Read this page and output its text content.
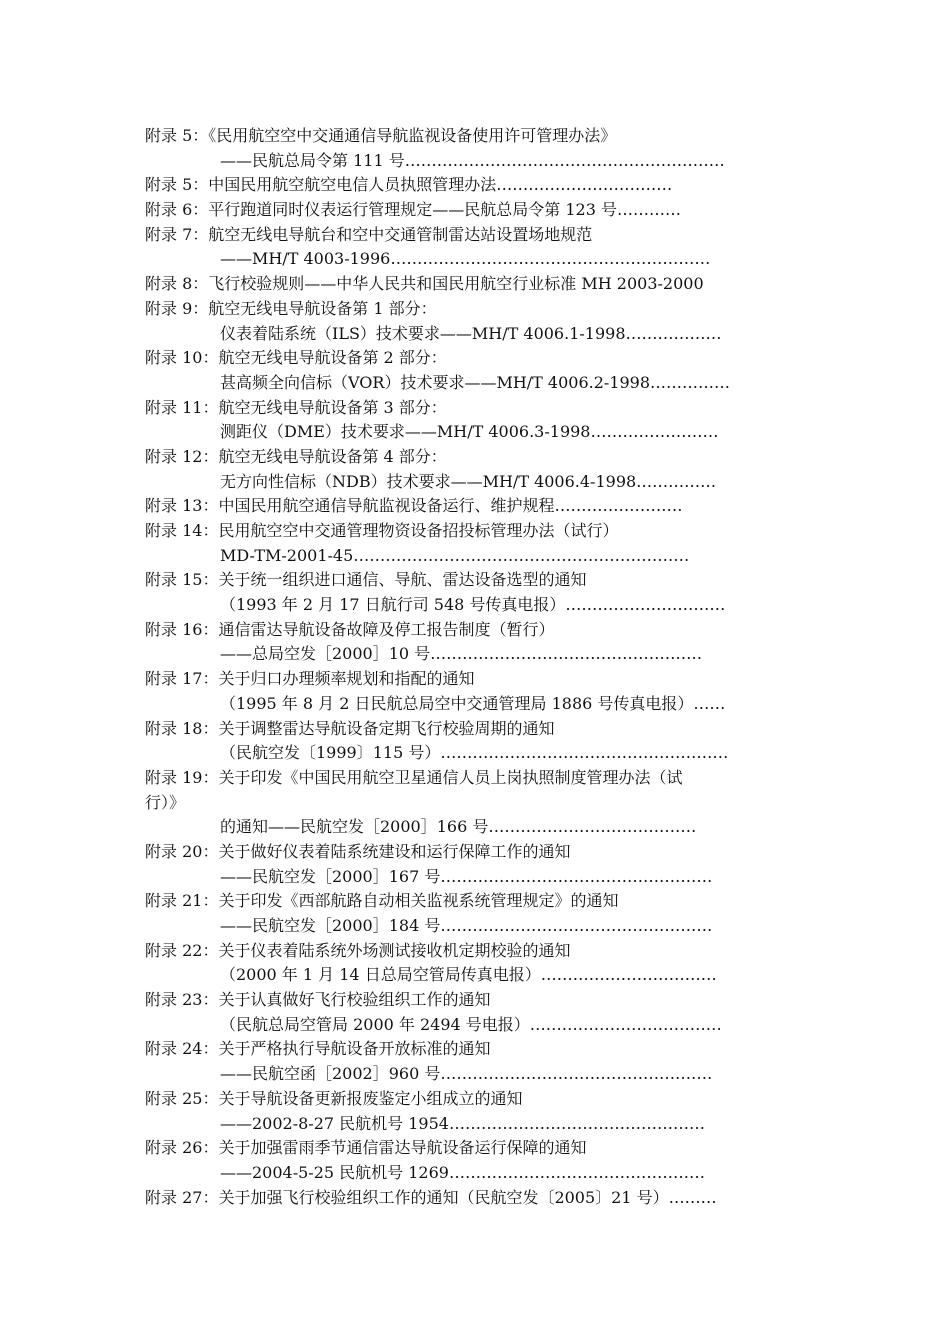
附录 5：《民用航空空中交通通信导航监视设备使用许可管理办法》
——民航总局令第 111 号……………………………………………………
附录 5：中国民用航空航空电信人员执照管理办法……………………………
附录 6：平行跑道同时仪表运行管理规定——民航总局令第 123 号…………
附录 7：航空无线电导航台和空中交通管制雷达站设置场地规范
——MH/T 4003-1996……………………………………………………
附录 8：飞行校验规则——中华人民共和国民用航空行业标准 MH 2003-2000
附录 9：航空无线电导航设备第 1 部分：
仪表着陆系统（ILS）技术要求——MH/T 4006.1-1998………………
附录 10：航空无线电导航设备第 2 部分：
甚高频全向信标（VOR）技术要求——MH/T 4006.2-1998……………
附录 11：航空无线电导航设备第 3 部分：
测距仪（DME）技术要求——MH/T 4006.3-1998……………………
附录 12：航空无线电导航设备第 4 部分：
无方向性信标（NDB）技术要求——MH/T 4006.4-1998……………
附录 13：中国民用航空通信导航监视设备运行、维护规程……………………
附录 14：民用航空空中交通管理物资设备招投标管理办法（试行）
MD-TM-2001-45………………………………………………………
附录 15：关于统一组织进口通信、导航、雷达设备选型的通知
（1993 年 2 月 17 日航行司 548 号传真电报）…………………………
附录 16：通信雷达导航设备故障及停工报告制度（暂行）
——总局空发［2000］10 号……………………………………………
附录 17：关于归口办理频率规划和指配的通知
（1995 年 8 月 2 日民航总局空中交通管理局 1886 号传真电报）……
附录 18：关于调整雷达导航设备定期飞行校验周期的通知
（民航空发〔1999〕115 号）………………………………………………
附录 19：关于印发《中国民用航空卫星通信人员上岗执照制度管理办法（试
行）》
的通知——民航空发［2000］166 号…………………………………
附录 20：关于做好仪表着陆系统建设和运行保障工作的通知
——民航空发［2000］167 号……………………………………………
附录 21：关于印发《西部航路自动相关监视系统管理规定》的通知
——民航空发［2000］184 号……………………………………………
附录 22：关于仪表着陆系统外场测试接收机定期校验的通知
（2000 年 1 月 14 日总局空管局传真电报）……………………………
附录 23：关于认真做好飞行校验组织工作的通知
（民航总局空管局 2000 年 2494 号电报）………………………………
附录 24：关于严格执行导航设备开放标准的通知
——民航空函［2002］960 号……………………………………………
附录 25：关于导航设备更新报废鉴定小组成立的通知
——2002-8-27 民航机号 1954…………………………………………
附录 26：关于加强雷雨季节通信雷达导航设备运行保障的通知
——2004-5-25 民航机号 1269…………………………………………
附录 27：关于加强飞行校验组织工作的通知（民航空发〔2005〕21 号）………
